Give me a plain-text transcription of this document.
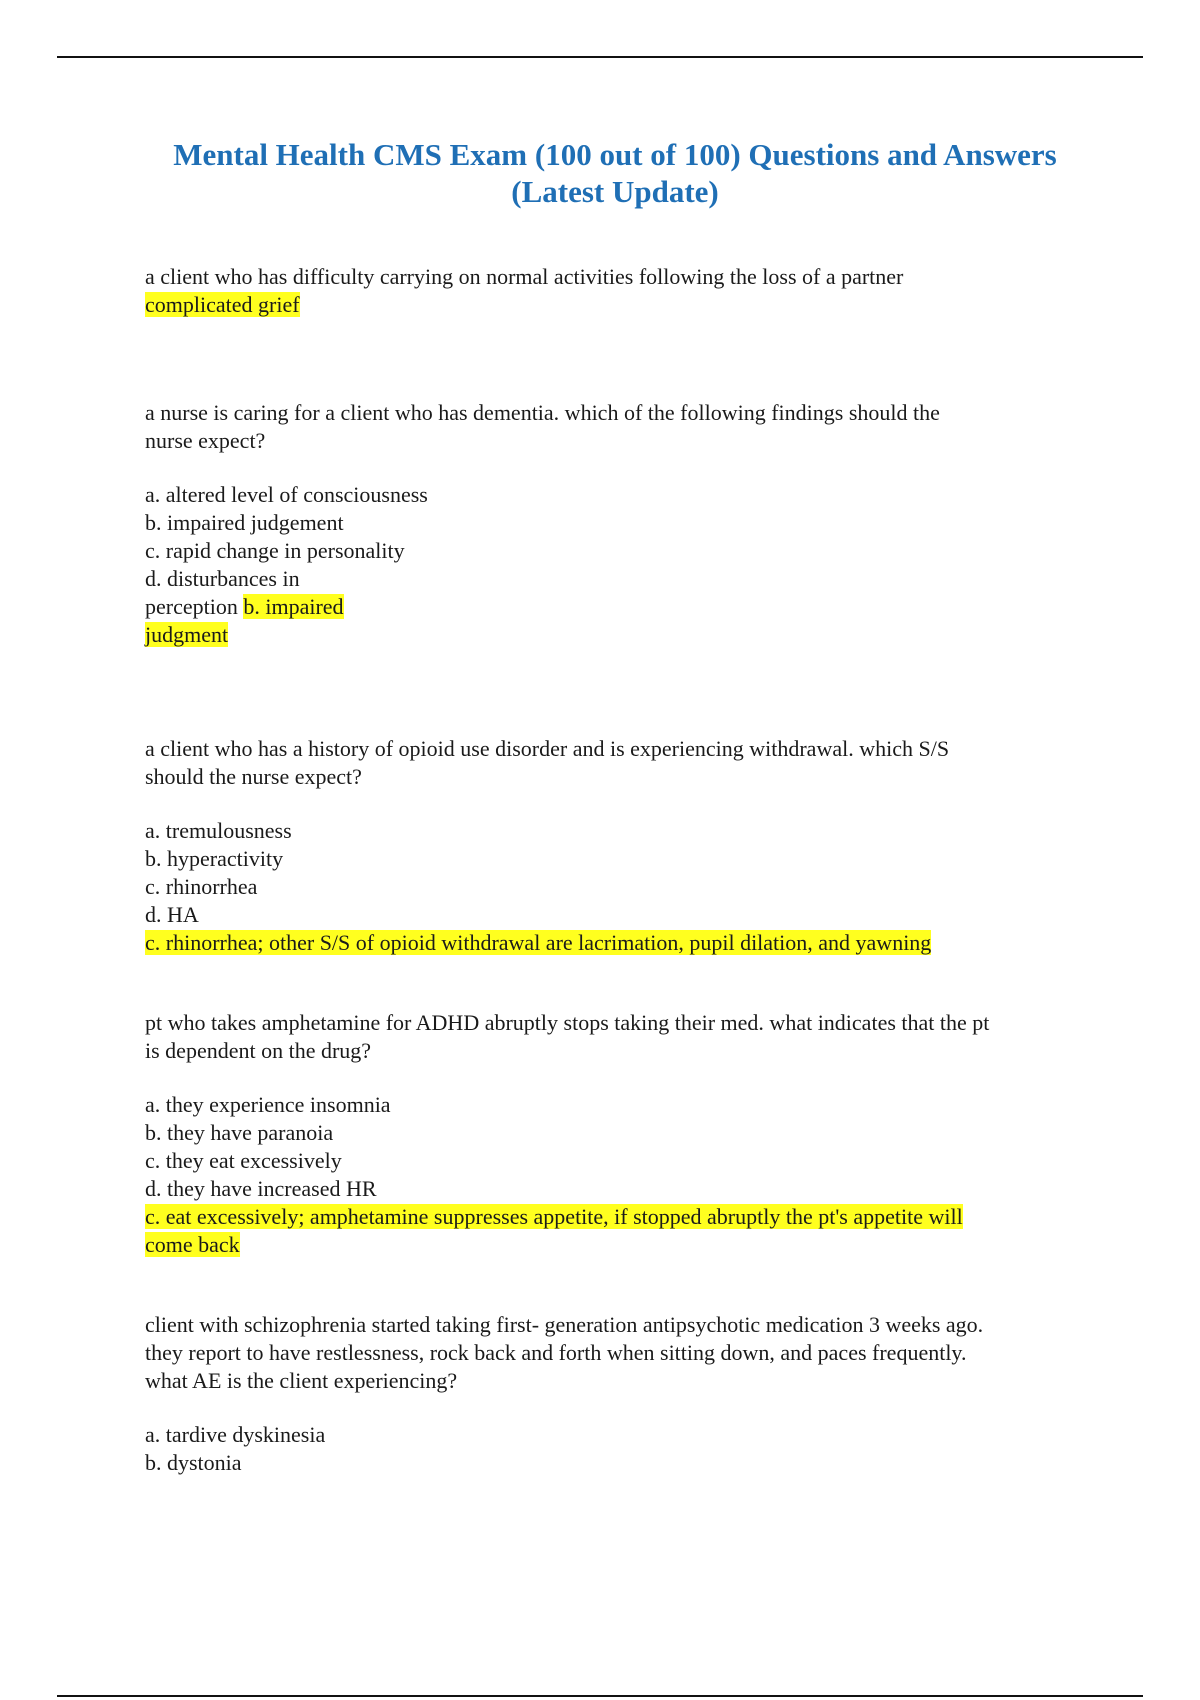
Mental Health CMS Exam (100 out of 100) Questions and Answers
(Latest Update)
a client who has difficulty carrying on normal activities following the loss of a partner
complicated grief
a nurse is caring for a client who has dementia. which of the following findings should the
nurse expect?
a. altered level of consciousness
b. impaired judgement
c. rapid change in personality
d. disturbances in
perception b. impaired
judgment
a client who has a history of opioid use disorder and is experiencing withdrawal. which S/S
should the nurse expect?
a. tremulousness
b. hyperactivity
c. rhinorrhea
d. HA
c. rhinorrhea; other S/S of opioid withdrawal are lacrimation, pupil dilation, and yawning
pt who takes amphetamine for ADHD abruptly stops taking their med. what indicates that the pt
is dependent on the drug?
a. they experience insomnia
b. they have paranoia
c. they eat excessively
d. they have increased HR
c. eat excessively; amphetamine suppresses appetite, if stopped abruptly the pt's appetite will
come back
client with schizophrenia started taking first- generation antipsychotic medication 3 weeks ago.
they report to have restlessness, rock back and forth when sitting down, and paces frequently.
what AE is the client experiencing?
a. tardive dyskinesia
b. dystonia
